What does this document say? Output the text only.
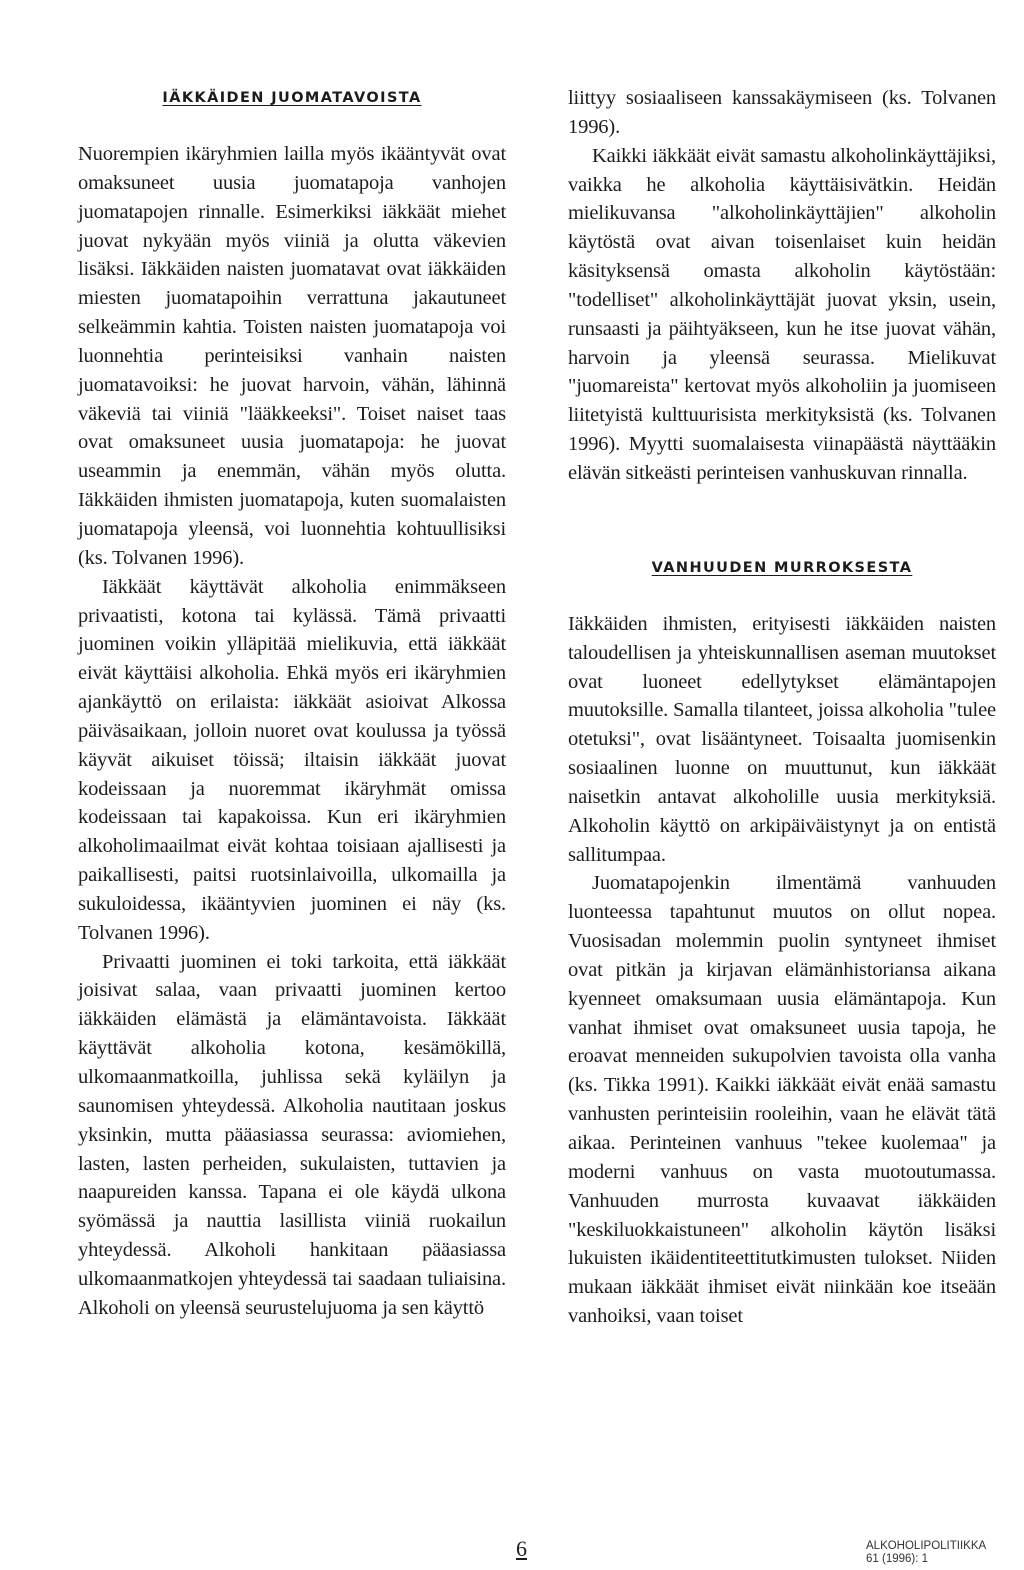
IÄKKÄIDEN JUOMATAVOISTA

Nuorempien ikäryhmien lailla myös ikääntyvät ovat omaksuneet uusia juomatapoja vanhojen juomatapojen rinnalle. Esimerkiksi iäkkäät miehet juovat nykyään myös viiniä ja olutta väkevien lisäksi. Iäkkäiden naisten juomatavat ovat iäkkäiden miesten juomatapoihin verrattuna jakautuneet selkeämmin kahtia. Toisten naisten juomatapoja voi luonnehtia perinteisiksi vanhain naisten juomatavoiksi: he juovat harvoin, vähän, lähinnä väkeviä tai viiniä "lääkkeeksi". Toiset naiset taas ovat omaksuneet uusia juomatapoja: he juovat useammin ja enemmän, vähän myös olutta. Iäkkäiden ihmisten juomatapoja, kuten suomalaisten juomatapoja yleensä, voi luonnehtia kohtuullisiksi (ks. Tolvanen 1996).

Iäkkäät käyttävät alkoholia enimmäkseen privaatisti, kotona tai kylässä. Tämä privaatti juominen voikin ylläpitää mielikuvia, että iäkkäät eivät käyttäisi alkoholia. Ehkä myös eri ikäryhmien ajankäyttö on erilaista: iäkkäät asioivat Alkossa päiväsaikaan, jolloin nuoret ovat koulussa ja työssä käyvät aikuiset töissä; iltaisin iäkkäät juovat kodeissaan ja nuoremmat ikäryhmät omissa kodeissaan tai kapakoissa. Kun eri ikäryhmien alkoholimaailmat eivät kohtaa toisiaan ajallisesti ja paikallisesti, paitsi ruotsinlaivoilla, ulkomailla ja sukuloidessa, ikääntyvien juominen ei näy (ks. Tolvanen 1996).

Privaatti juominen ei toki tarkoita, että iäkkäät joisivat salaa, vaan privaatti juominen kertoo iäkkäiden elämästä ja elämäntavoista. Iäkkäät käyttävät alkoholia kotona, kesämökillä, ulkomaanmatkoilla, juhlissa sekä kyläilyn ja saunomisen yhteydessä. Alkoholia nautitaan joskus yksinkin, mutta pääasiassa seurassa: aviomiehen, lasten, lasten perheiden, sukulaisten, tuttavien ja naapureiden kanssa. Tapana ei ole käydä ulkona syömässä ja nauttia lasillista viiniä ruokailun yhteydessä. Alkoholi hankitaan pääasiassa ulkomaanmatkojen yhteydessä tai saadaan tuliaisina. Alkoholi on yleensä seurustelujuoma ja sen käyttö

liittyy sosiaaliseen kanssakäymiseen (ks. Tolvanen 1996).

Kaikki iäkkäät eivät samastu alkoholinkäyttäjiksi, vaikka he alkoholia käyttäisivätkin. Heidän mielikuvansa "alkoholinkäyttäjien" alkoholin käytöstä ovat aivan toisenlaiset kuin heidän käsityksensä omasta alkoholin käytöstään: "todelliset" alkoholinkäyttäjät juovat yksin, usein, runsaasti ja päihtyäkseen, kun he itse juovat vähän, harvoin ja yleensä seurassa. Mielikuvat "juomareista" kertovat myös alkoholiin ja juomiseen liitetyistä kulttuurisista merkityksistä (ks. Tolvanen 1996). Myytti suomalaisesta viinapäästä näyttääkin elävän sitkeästi perinteisen vanhuskuvan rinnalla.

VANHUUDEN MURROKSESTA

Iäkkäiden ihmisten, erityisesti iäkkäiden naisten taloudellisen ja yhteiskunnallisen aseman muutokset ovat luoneet edellytykset elämäntapojen muutoksille. Samalla tilanteet, joissa alkoholia "tulee otetuksi", ovat lisääntyneet. Toisaalta juomisenkin sosiaalinen luonne on muuttunut, kun iäkkäät naisetkin antavat alkoholille uusia merkityksiä. Alkoholin käyttö on arkipäiväistynyt ja on entistä sallitumpaa.

Juomatapojenkin ilmentämä vanhuuden luonteessa tapahtunut muutos on ollut nopea. Vuosisadan molemmin puolin syntyneet ihmiset ovat pitkän ja kirjavan elämänhistoriansa aikana kyenneet omaksumaan uusia elämäntapoja. Kun vanhat ihmiset ovat omaksuneet uusia tapoja, he eroavat menneiden sukupolvien tavoista olla vanha (ks. Tikka 1991). Kaikki iäkkäät eivät enää samastu vanhusten perinteisiin rooleihin, vaan he elävät tätä aikaa. Perinteinen vanhuus "tekee kuolemaa" ja moderni vanhuus on vasta muotoutumassa. Vanhuuden murrosta kuvaavat iäkkäiden "keskiluokkaistuneen" alkoholin käytön lisäksi lukuisten ikäidentiteettitutkimusten tulokset. Niiden mukaan iäkkäät ihmiset eivät niinkään koe itseään vanhoiksi, vaan toiset

6	ALKOHOLIPOLITIIKKA
61 (1996): 1
